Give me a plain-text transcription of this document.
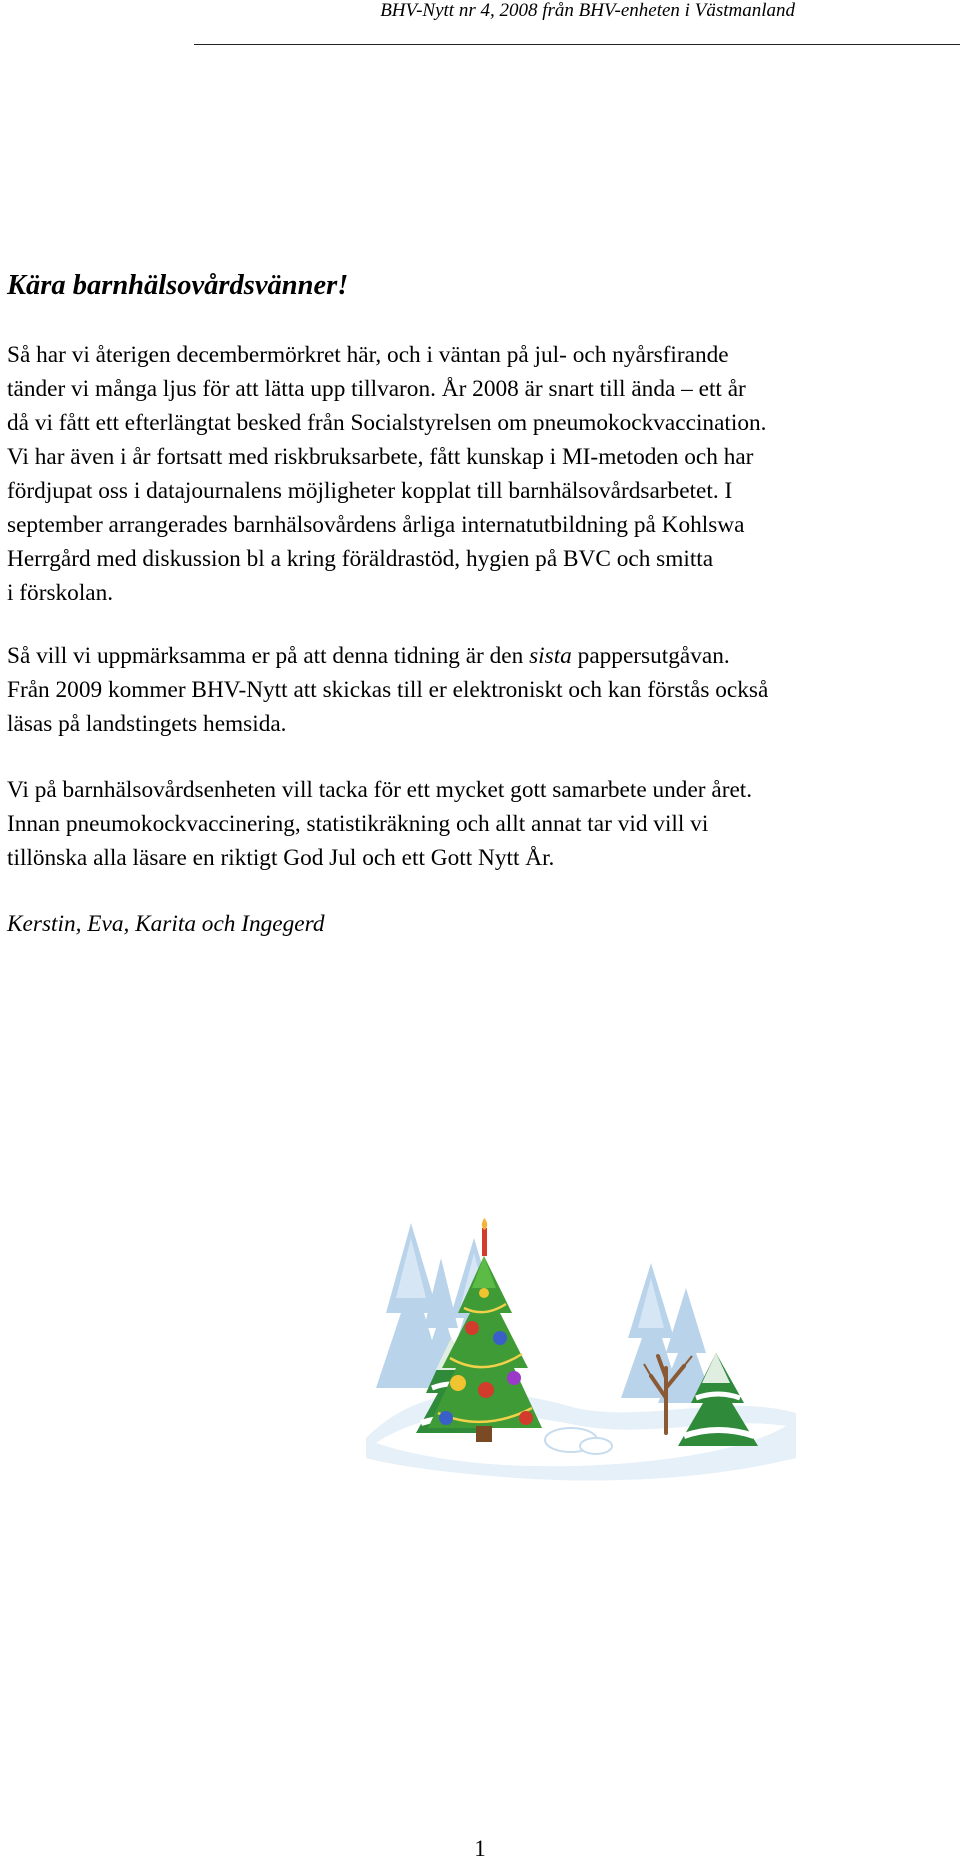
BHV-Nytt nr 4, 2008 från BHV-enheten i Västmanland
Kära barnhälsovårdsvänner!

Så har vi återigen decembermörkret här, och i väntan på jul- och nyårsfirande
tänder vi många ljus för att lätta upp tillvaron. År 2008 är snart till ända – ett år
då vi fått ett efterlängtat besked från Socialstyrelsen om pneumokockvaccination.
Vi har även i år fortsatt med riskbruksarbete, fått kunskap i MI-metoden och har
fördjupat oss i datajournalens möjligheter kopplat till barnhälsovårdsarbetet. I
september arrangerades barnhälsovårdens årliga internatutbildning på Kohlswa
Herrgård med diskussion bl a kring föräldrastöd, hygien på BVC och smitta
i förskolan.

Så vill vi uppmärksamma er på att denna tidning är den sista pappersutgåvan.
Från 2009 kommer BHV-Nytt att skickas till er elektroniskt och kan förstås också
läsas på landstingets hemsida.

Vi på barnhälsovårdsenheten vill tacka för ett mycket gott samarbete under året.
Innan pneumokockvaccinering, statistikräkning och allt annat tar vid vill vi
tillönska alla läsare en riktigt God Jul och ett Gott Nytt År.

Kerstin, Eva, Karita och Ingegerd
1
